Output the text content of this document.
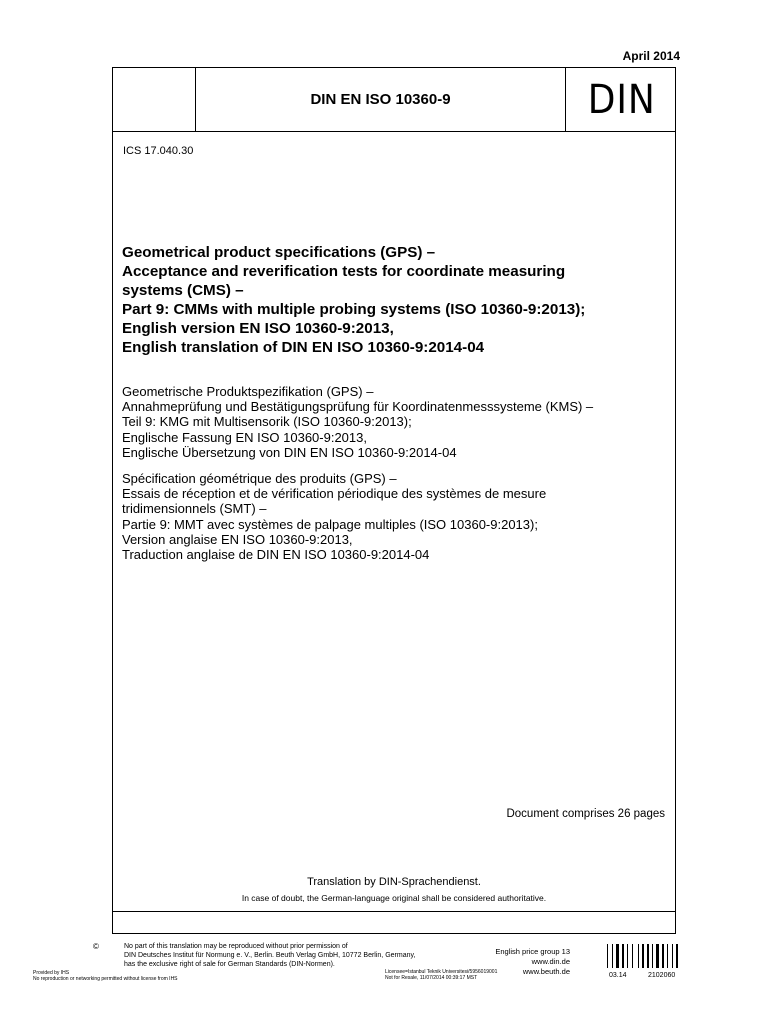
April 2014
DIN EN ISO 10360-9	DIN
ICS 17.040.30
Geometrical product specifications (GPS) –
Acceptance and reverification tests for coordinate measuring
systems (CMS) –
Part 9: CMMs with multiple probing systems (ISO 10360-9:2013);
English version EN ISO 10360-9:2013,
English translation of DIN EN ISO 10360-9:2014-04
Geometrische Produktspezifikation (GPS) –
Annahmeprüfung und Bestätigungsprüfung für Koordinatenmesssysteme (KMS) –
Teil 9: KMG mit Multisensorik (ISO 10360-9:2013);
Englische Fassung EN ISO 10360-9:2013,
Englische Übersetzung von DIN EN ISO 10360-9:2014-04
Spécification géométrique des produits (GPS) –
Essais de réception et de vérification périodique des systèmes de mesure
tridimensionnels (SMT) –
Partie 9: MMT avec systèmes de palpage multiples (ISO 10360-9:2013);
Version anglaise EN ISO 10360-9:2013,
Traduction anglaise de DIN EN ISO 10360-9:2014-04
Document comprises 26 pages
Translation by DIN-Sprachendienst.
In case of doubt, the German-language original shall be considered authoritative.
©	No part of this translation may be reproduced without prior permission of
DIN Deutsches Institut für Normung e. V., Berlin. Beuth Verlag GmbH, 10772 Berlin, Germany,
has the exclusive right of sale for German Standards (DIN-Normen).
English price group 13
www.din.de
www.beuth.de
Provided by IHS
No reproduction or networking permitted without license from IHS
Licensee=Istanbul Teknik Universitesi/5956019001
Not for Resale, 11/07/2014 00:39:17 MST	03.14	2102060
